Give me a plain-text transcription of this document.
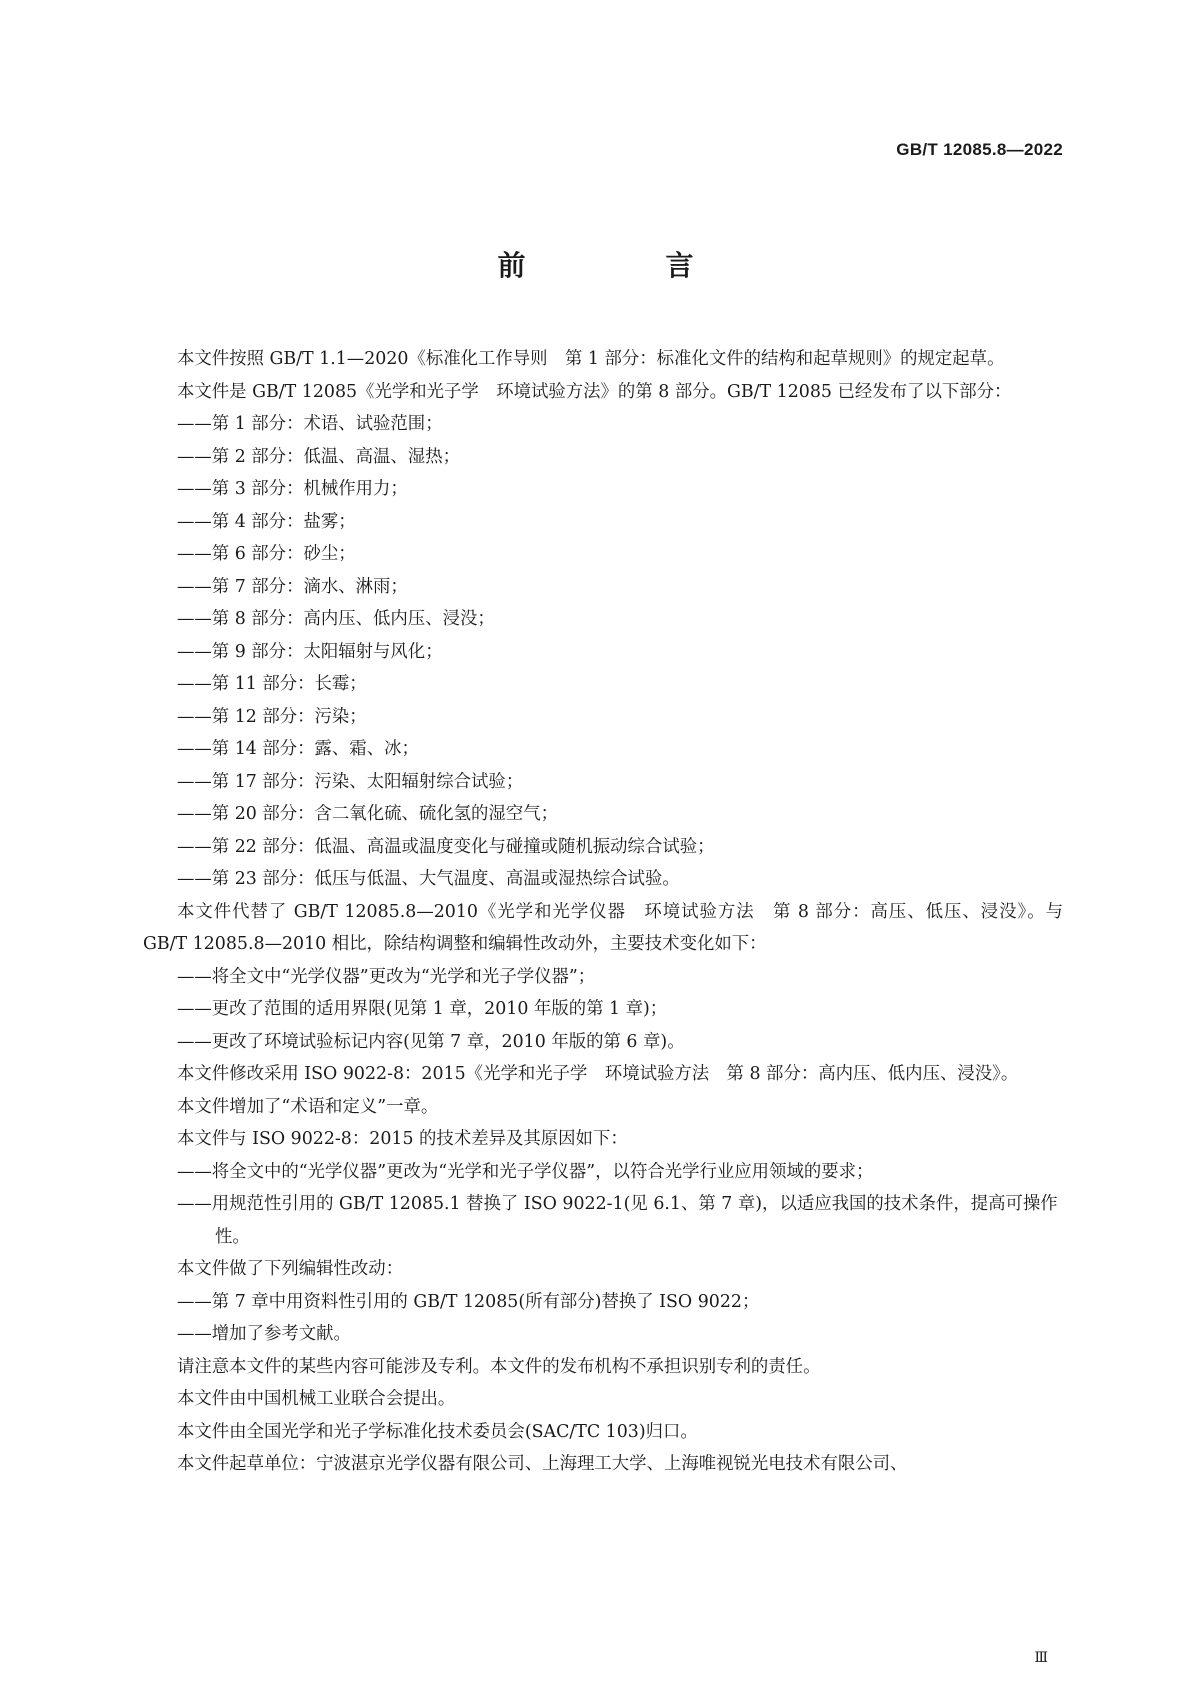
GB/T 12085.8—2022
前　言

本文件按照 GB/T 1.1—2020《标准化工作导则　第 1 部分：标准化文件的结构和起草规则》的规定起草。

本文件是 GB/T 12085《光学和光子学　环境试验方法》的第 8 部分。GB/T 12085 已经发布了以下部分：

——第 1 部分：术语、试验范围；

——第 2 部分：低温、高温、湿热；

——第 3 部分：机械作用力；

——第 4 部分：盐雾；

——第 6 部分：砂尘；

——第 7 部分：滴水、淋雨；

——第 8 部分：高内压、低内压、浸没；

——第 9 部分：太阳辐射与风化；

——第 11 部分：长霉；

——第 12 部分：污染；

——第 14 部分：露、霜、冰；

——第 17 部分：污染、太阳辐射综合试验；

——第 20 部分：含二氧化硫、硫化氢的湿空气；

——第 22 部分：低温、高温或温度变化与碰撞或随机振动综合试验；

——第 23 部分：低压与低温、大气温度、高温或湿热综合试验。

本文件代替了 GB/T 12085.8—2010《光学和光学仪器　环境试验方法　第 8 部分：高压、低压、浸没》。与 GB/T 12085.8—2010 相比，除结构调整和编辑性改动外，主要技术变化如下：

——将全文中“光学仪器”更改为“光学和光子学仪器”；

——更改了范围的适用界限(见第 1 章，2010 年版的第 1 章)；

——更改了环境试验标记内容(见第 7 章，2010 年版的第 6 章)。

本文件修改采用 ISO 9022-8：2015《光学和光子学　环境试验方法　第 8 部分：高内压、低内压、浸没》。

本文件增加了“术语和定义”一章。

本文件与 ISO 9022-8：2015 的技术差异及其原因如下：

——将全文中的“光学仪器”更改为“光学和光子学仪器”，以符合光学行业应用领域的要求；

——用规范性引用的 GB/T 12085.1 替换了 ISO 9022-1(见 6.1、第 7 章)，以适应我国的技术条件，提高可操作性。

本文件做了下列编辑性改动：

——第 7 章中用资料性引用的 GB/T 12085(所有部分)替换了 ISO 9022；

——增加了参考文献。

请注意本文件的某些内容可能涉及专利。本文件的发布机构不承担识别专利的责任。

本文件由中国机械工业联合会提出。

本文件由全国光学和光子学标准化技术委员会(SAC/TC 103)归口。

本文件起草单位：宁波湛京光学仪器有限公司、上海理工大学、上海唯视锐光电技术有限公司、

Ⅲ
